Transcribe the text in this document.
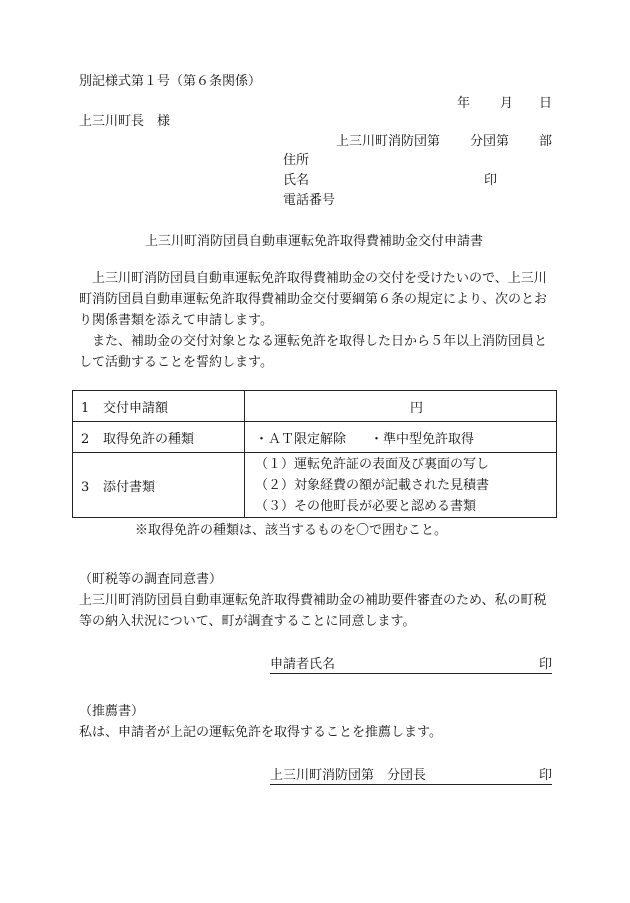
別記様式第１号（第６条関係）
年 月 日
上三川町長　様
上三川町消防団第 分団第 部
住所
氏名	印
電話番号
上三川町消防団員自動車運転免許取得費補助金交付申請書

上三川町消防団員自動車運転免許取得費補助金の交付を受けたいので、上三川町消防団員自動車運転免許取得費補助金交付要綱第６条の規定により、次のとおり関係書類を添えて申請します。

また、補助金の交付対象となる運転免許を取得した日から５年以上消防団員として活動することを誓約します。

1 交付申請額	円
2 取得免許の種類	・ＡＴ限定解除 ・準中型免許取得
3 添付書類	（１）運転免許証の表面及び裏面の写し
（２）対象経費の額が記載された見積書
（３）その他町長が必要と認める書類
※取得免許の種類は、該当するものを〇で囲むこと。
（町税等の調査同意書）
上三川町消防団員自動車運転免許取得費補助金の補助要件審査のため、私の町税等の納入状況について、町が調査することに同意します。
申請者氏名	印
（推薦書）
私は、申請者が上記の運転免許を取得することを推薦します。
上三川町消防団第　分団長	印
